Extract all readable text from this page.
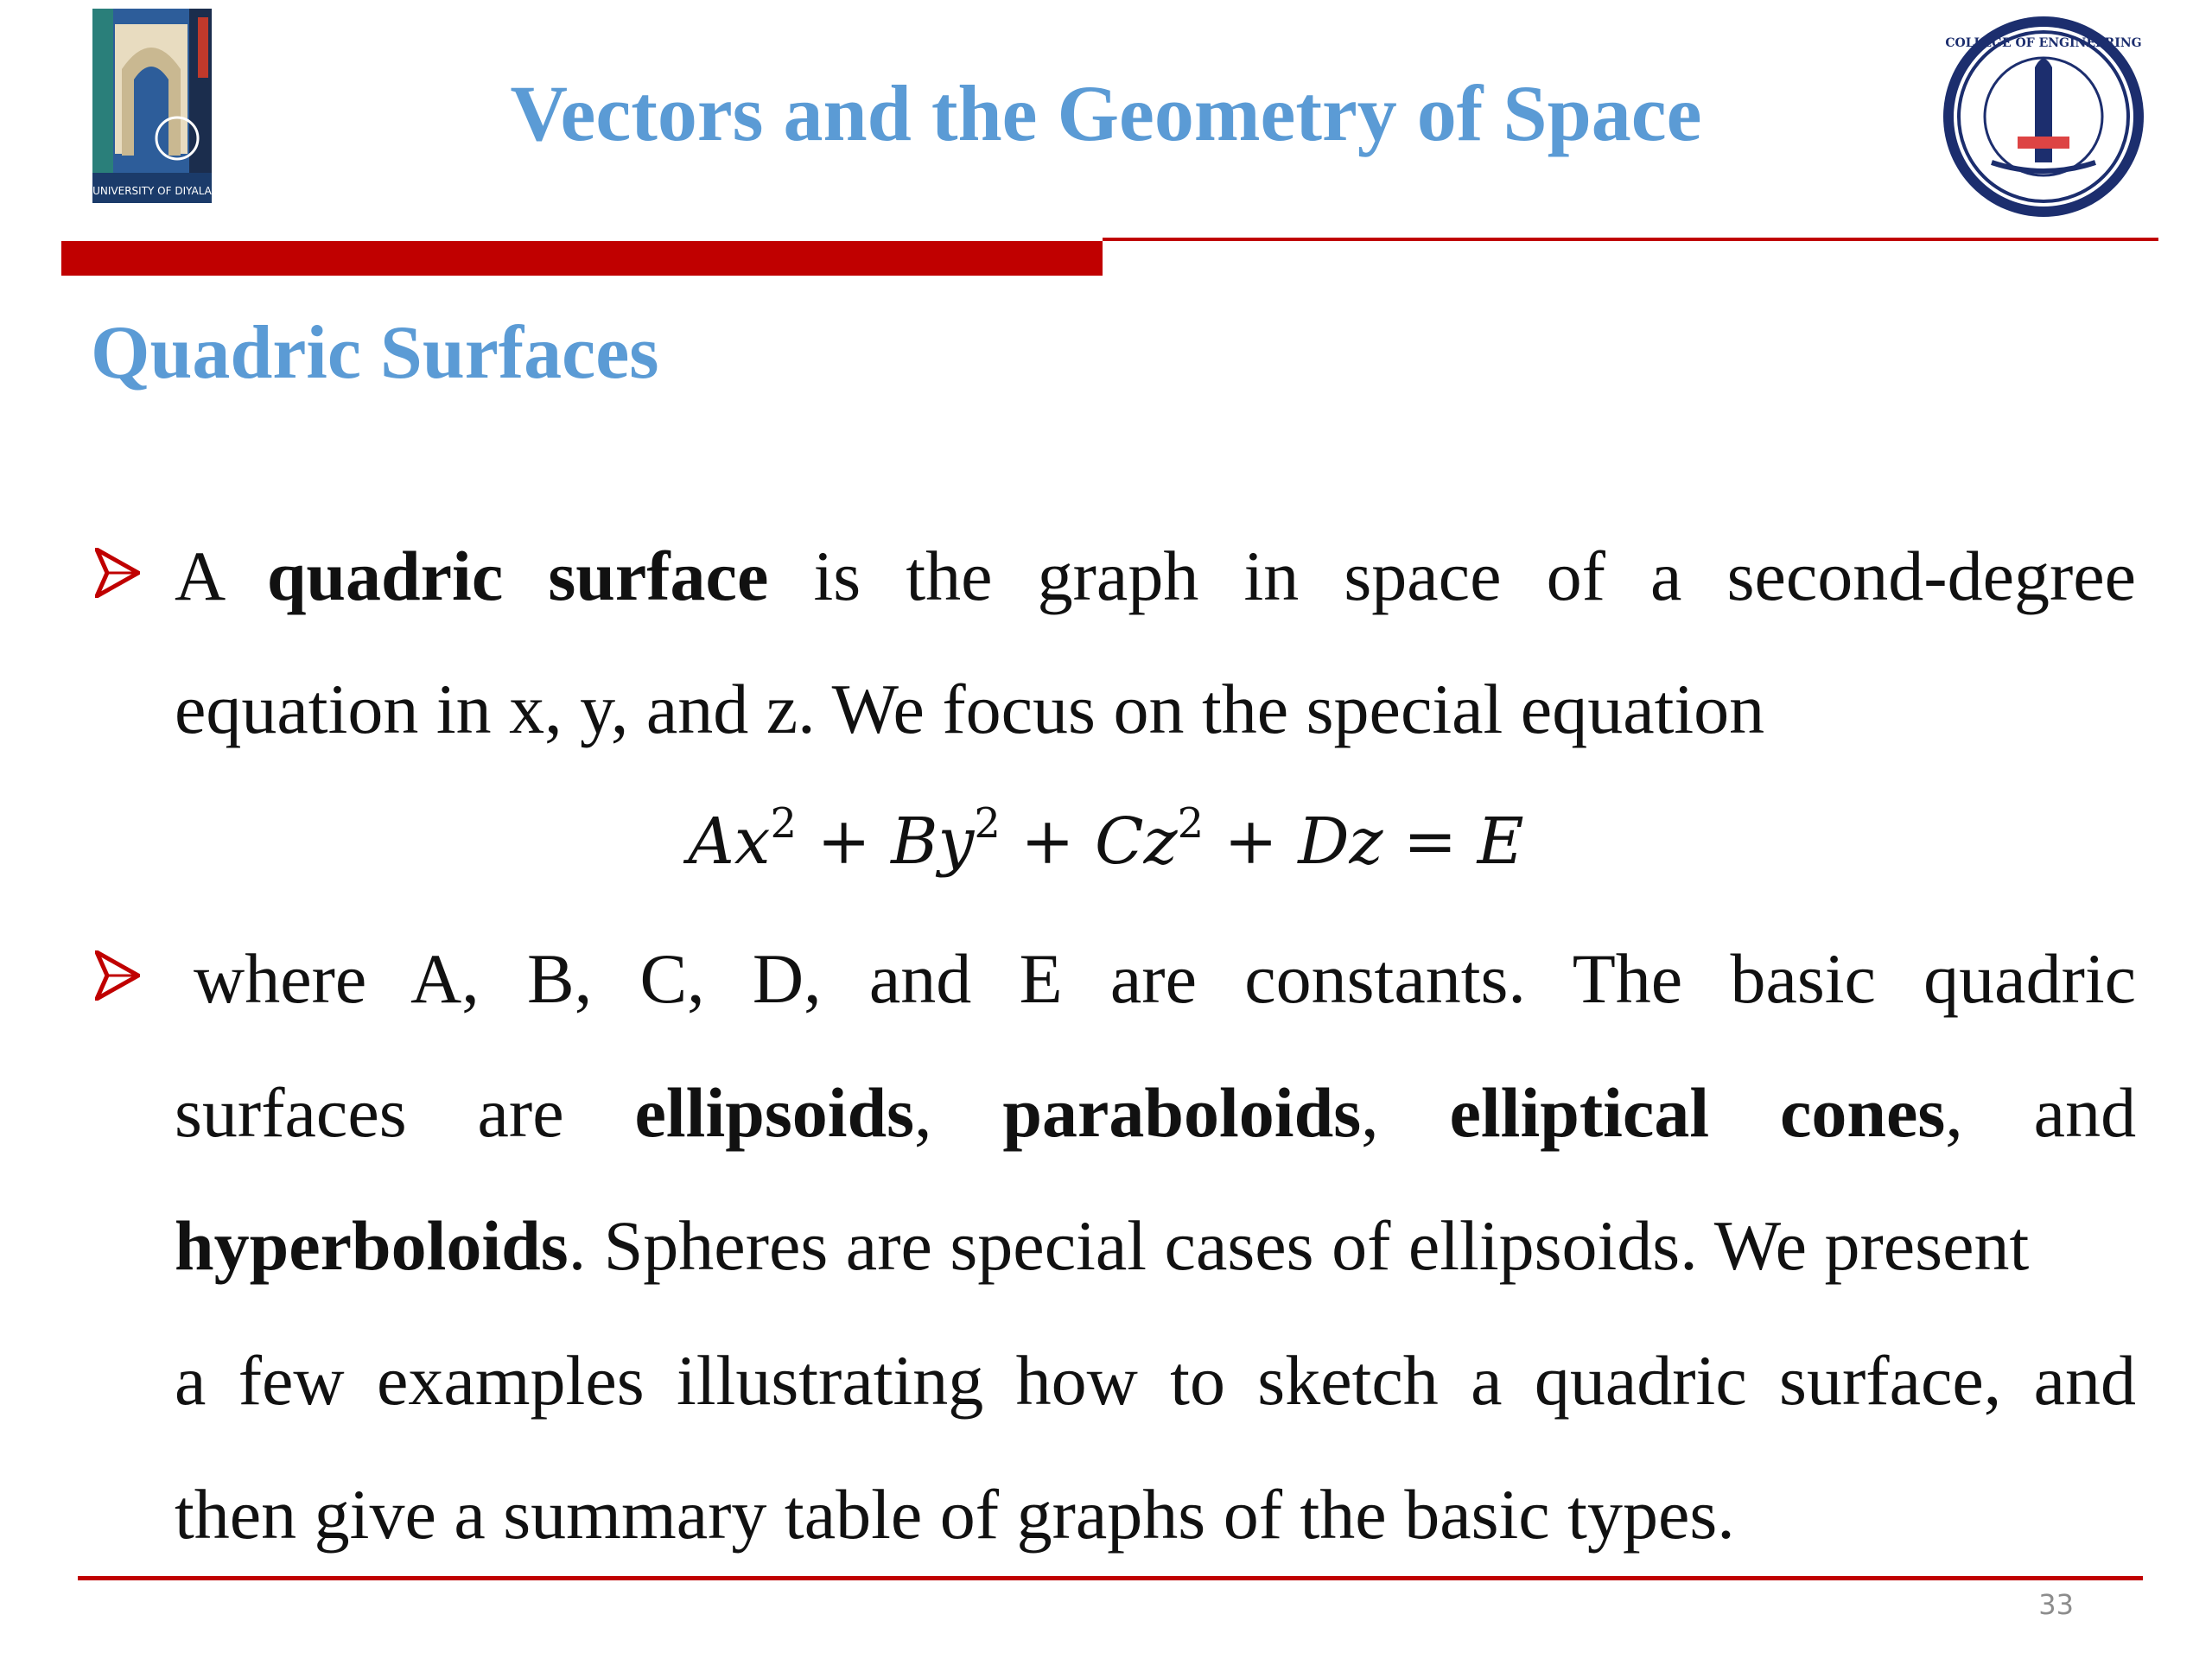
UNIVERSITY OF DIYALA
Vectors and the Geometry of Space
COLLEGE OF ENGINEERING
Quadric Surfaces
A quadric surface is the graph in space of a second-degree
equation in x, y, and z. We focus on the special equation
$Ax^2 + By^2 + Cz^2 + Dz = E$
where A, B, C, D, and E are constants. The basic quadric
surfaces are ellipsoids, paraboloids, elliptical cones, and
hyperboloids. Spheres are special cases of ellipsoids. We present
a few examples illustrating how to sketch a quadric surface, and
then give a summary table of graphs of the basic types.
33
